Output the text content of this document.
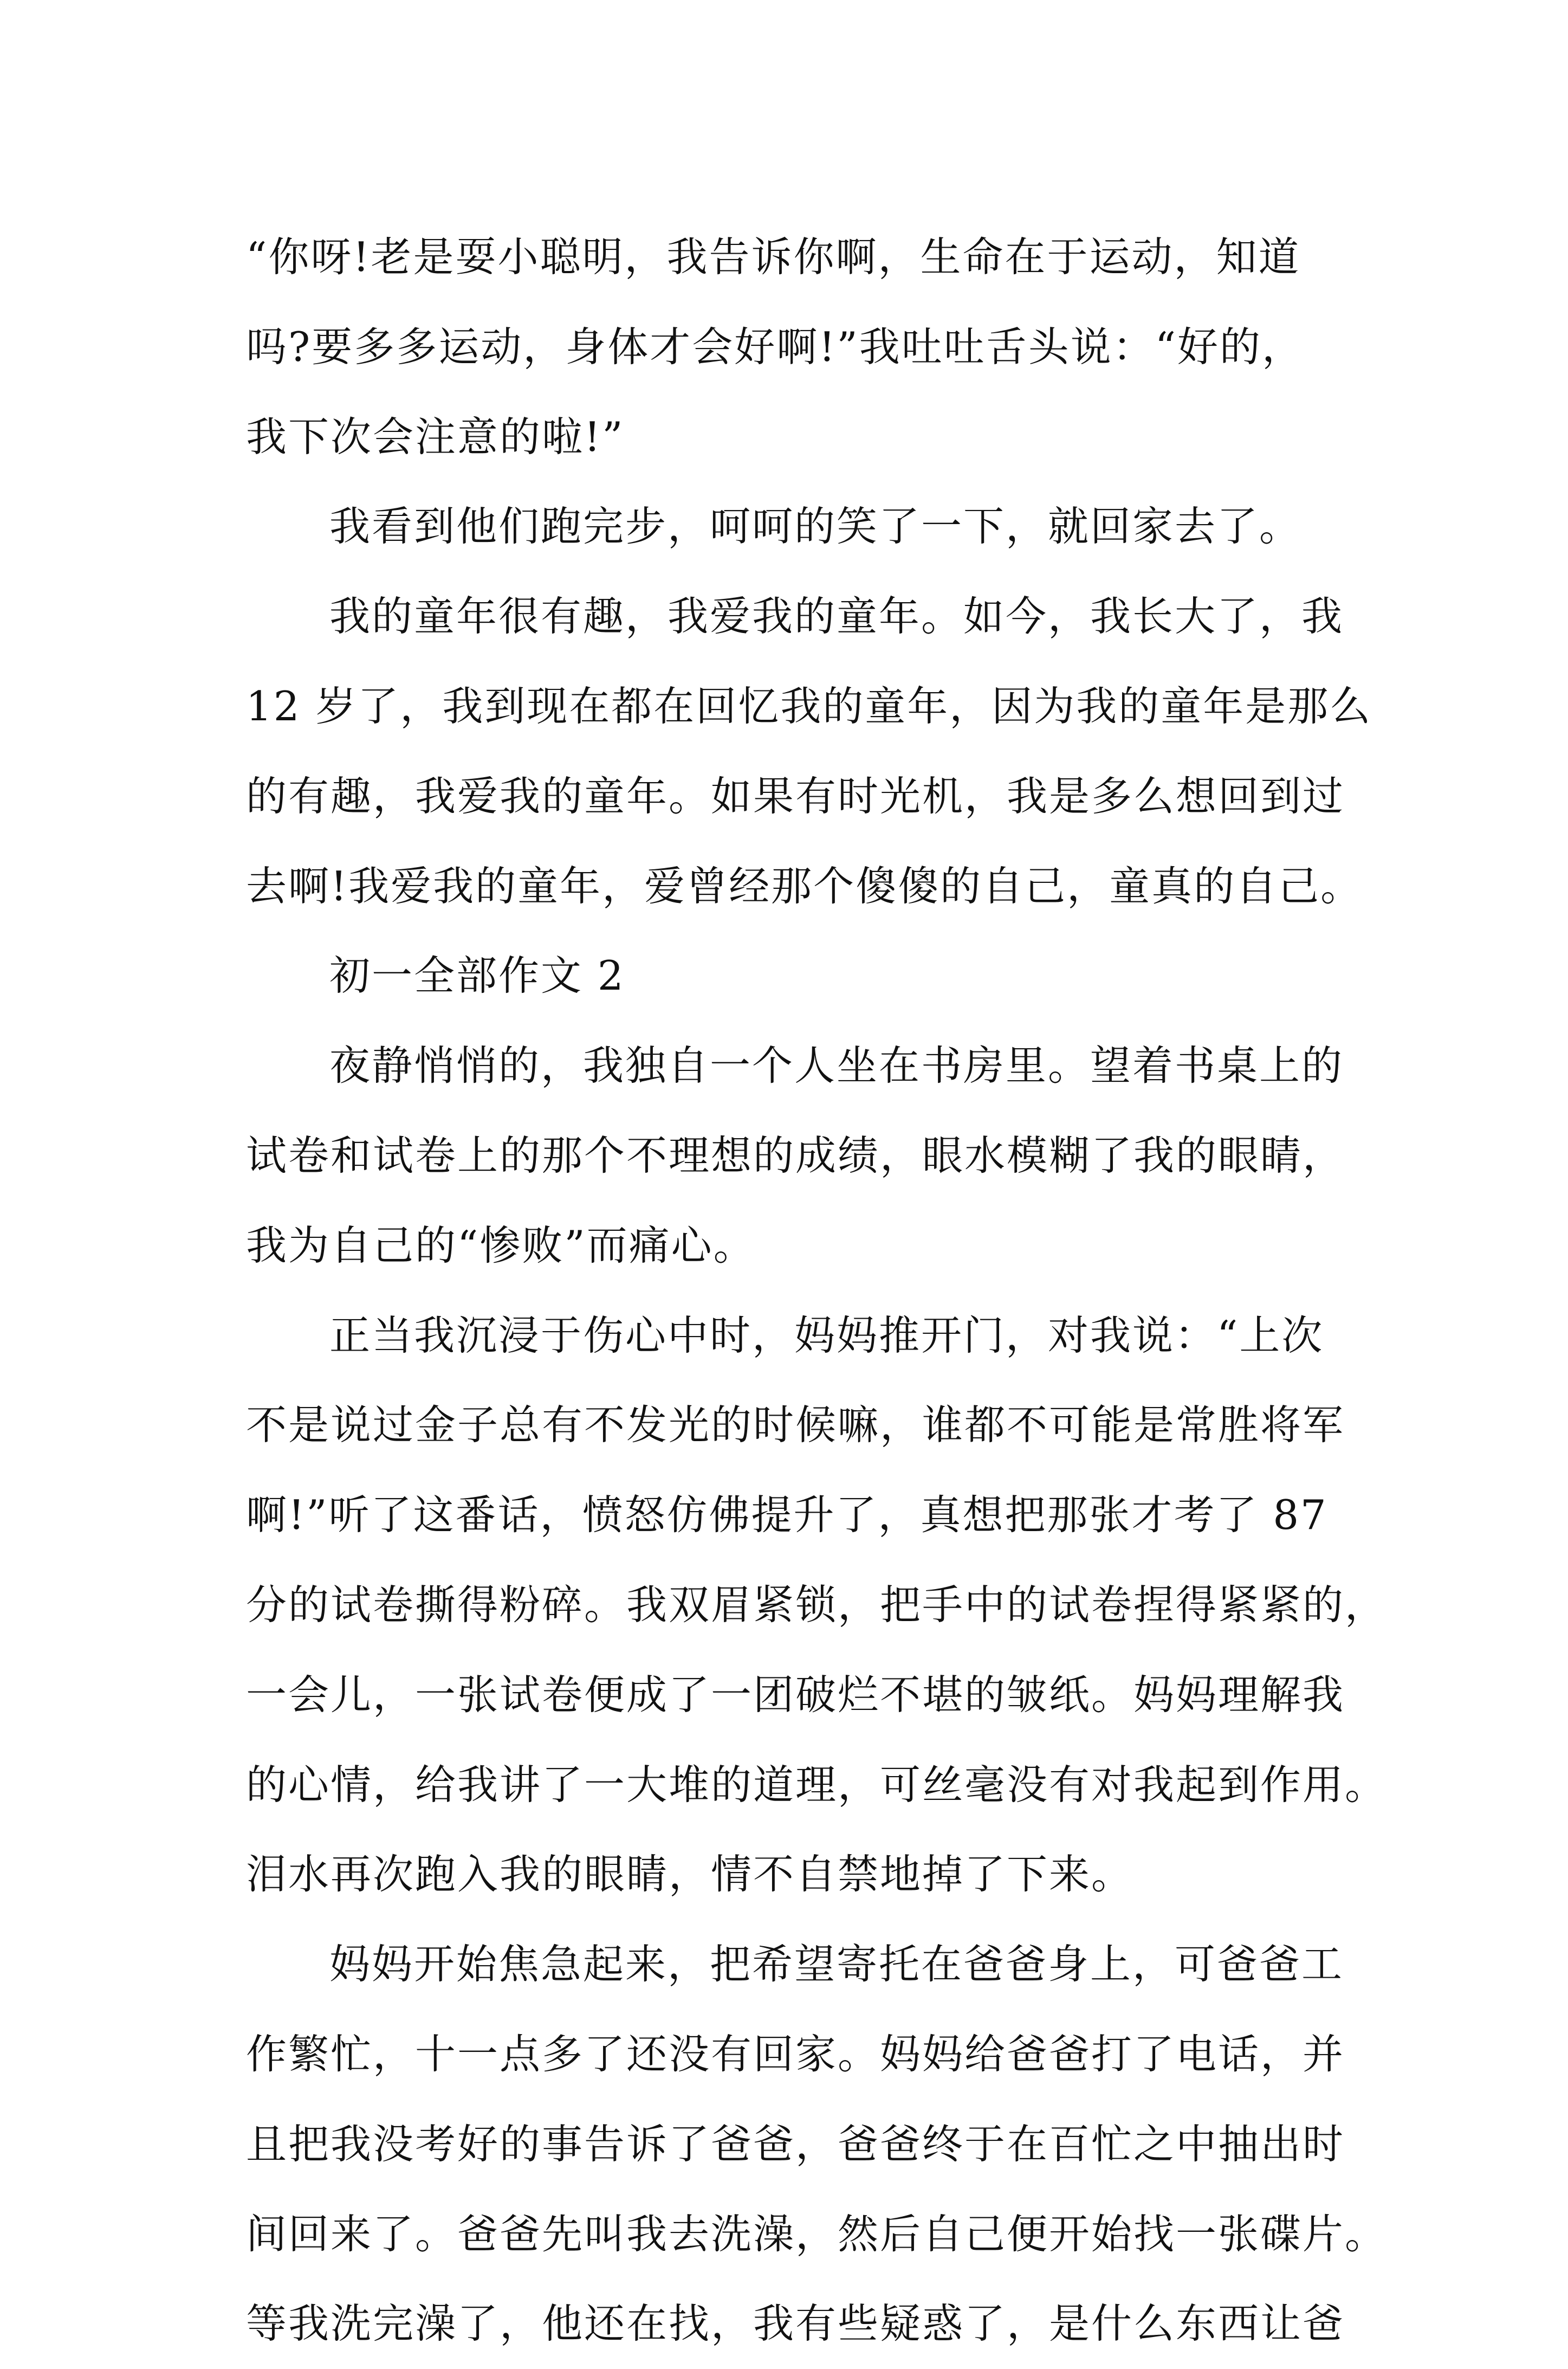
“你呀!老是耍小聪明，我告诉你啊，生命在于运动，知道
吗?要多多运动，身体才会好啊!”我吐吐舌头说：“好的，
我下次会注意的啦!”
我看到他们跑完步，呵呵的笑了一下，就回家去了。
我的童年很有趣，我爱我的童年。如今，我长大了，我
12 岁了，我到现在都在回忆我的童年，因为我的童年是那么
的有趣，我爱我的童年。如果有时光机，我是多么想回到过
去啊!我爱我的童年，爱曾经那个傻傻的自己，童真的自己。
初一全部作文 2
夜静悄悄的，我独自一个人坐在书房里。望着书桌上的
试卷和试卷上的那个不理想的成绩，眼水模糊了我的眼睛，
我为自己的“惨败”而痛心。
正当我沉浸于伤心中时，妈妈推开门，对我说：“上次
不是说过金子总有不发光的时候嘛，谁都不可能是常胜将军
啊!”听了这番话，愤怒仿佛提升了，真想把那张才考了 87
分的试卷撕得粉碎。我双眉紧锁，把手中的试卷捏得紧紧的，
一会儿，一张试卷便成了一团破烂不堪的皱纸。妈妈理解我
的心情，给我讲了一大堆的道理，可丝毫没有对我起到作用。
泪水再次跑入我的眼睛，情不自禁地掉了下来。
妈妈开始焦急起来，把希望寄托在爸爸身上，可爸爸工
作繁忙，十一点多了还没有回家。妈妈给爸爸打了电话，并
且把我没考好的事告诉了爸爸，爸爸终于在百忙之中抽出时
间回来了。爸爸先叫我去洗澡，然后自己便开始找一张碟片。
等我洗完澡了，他还在找，我有些疑惑了，是什么东西让爸
